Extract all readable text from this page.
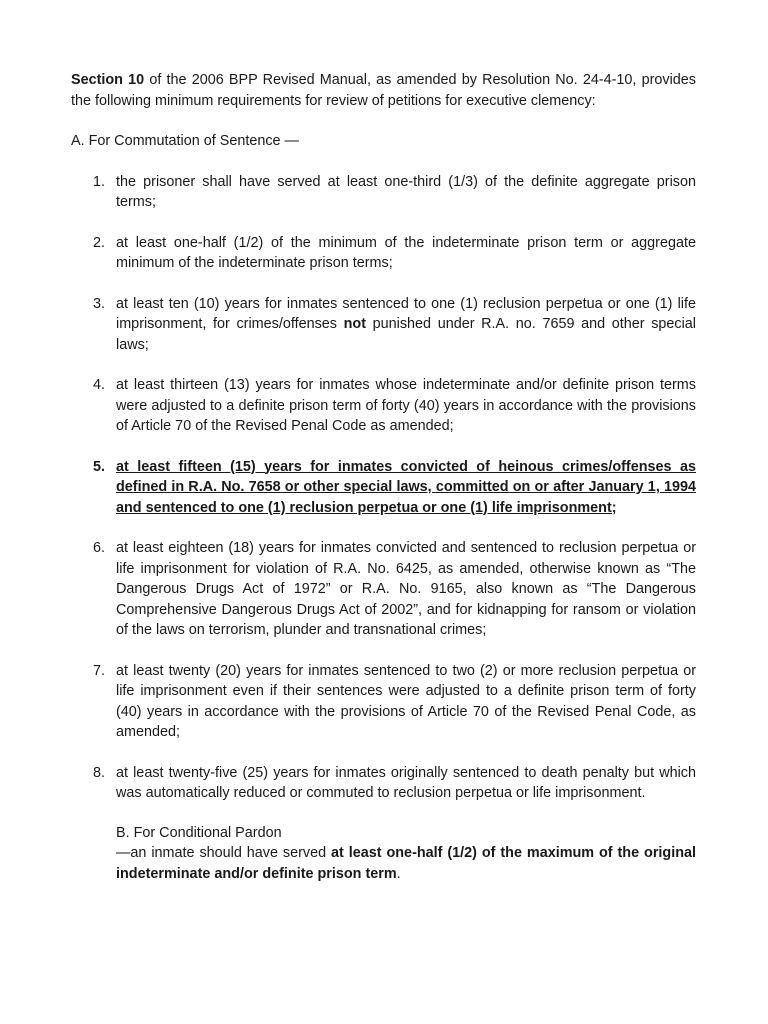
Section 10 of the 2006 BPP Revised Manual, as amended by Resolution No. 24-4-10, provides the following minimum requirements for review of petitions for executive clemency:

A. For Commutation of Sentence —

1. the prisoner shall have served at least one-third (1/3) of the definite aggregate prison terms;
2. at least one-half (1/2) of the minimum of the indeterminate prison term or aggregate minimum of the indeterminate prison terms;
3. at least ten (10) years for inmates sentenced to one (1) reclusion perpetua or one (1) life imprisonment, for crimes/offenses not punished under R.A. no. 7659 and other special laws;
4. at least thirteen (13) years for inmates whose indeterminate and/or definite prison terms were adjusted to a definite prison term of forty (40) years in accordance with the provisions of Article 70 of the Revised Penal Code as amended;
5. at least fifteen (15) years for inmates convicted of heinous crimes/offenses as defined in R.A. No. 7658 or other special laws, committed on or after January 1, 1994 and sentenced to one (1) reclusion perpetua or one (1) life imprisonment;
6. at least eighteen (18) years for inmates convicted and sentenced to reclusion perpetua or life imprisonment for violation of R.A. No. 6425, as amended, otherwise known as “The Dangerous Drugs Act of 1972” or R.A. No. 9165, also known as “The Dangerous Comprehensive Dangerous Drugs Act of 2002”, and for kidnapping for ransom or violation of the laws on terrorism, plunder and transnational crimes;
7. at least twenty (20) years for inmates sentenced to two (2) or more reclusion perpetua or life imprisonment even if their sentences were adjusted to a definite prison term of forty (40) years in accordance with the provisions of Article 70 of the Revised Penal Code, as amended;
8. at least twenty-five (25) years for inmates originally sentenced to death penalty but which was automatically reduced or commuted to reclusion perpetua or life imprisonment.
B. For Conditional Pardon
—an inmate should have served at least one-half (1/2) of the maximum of the original indeterminate and/or definite prison term.
